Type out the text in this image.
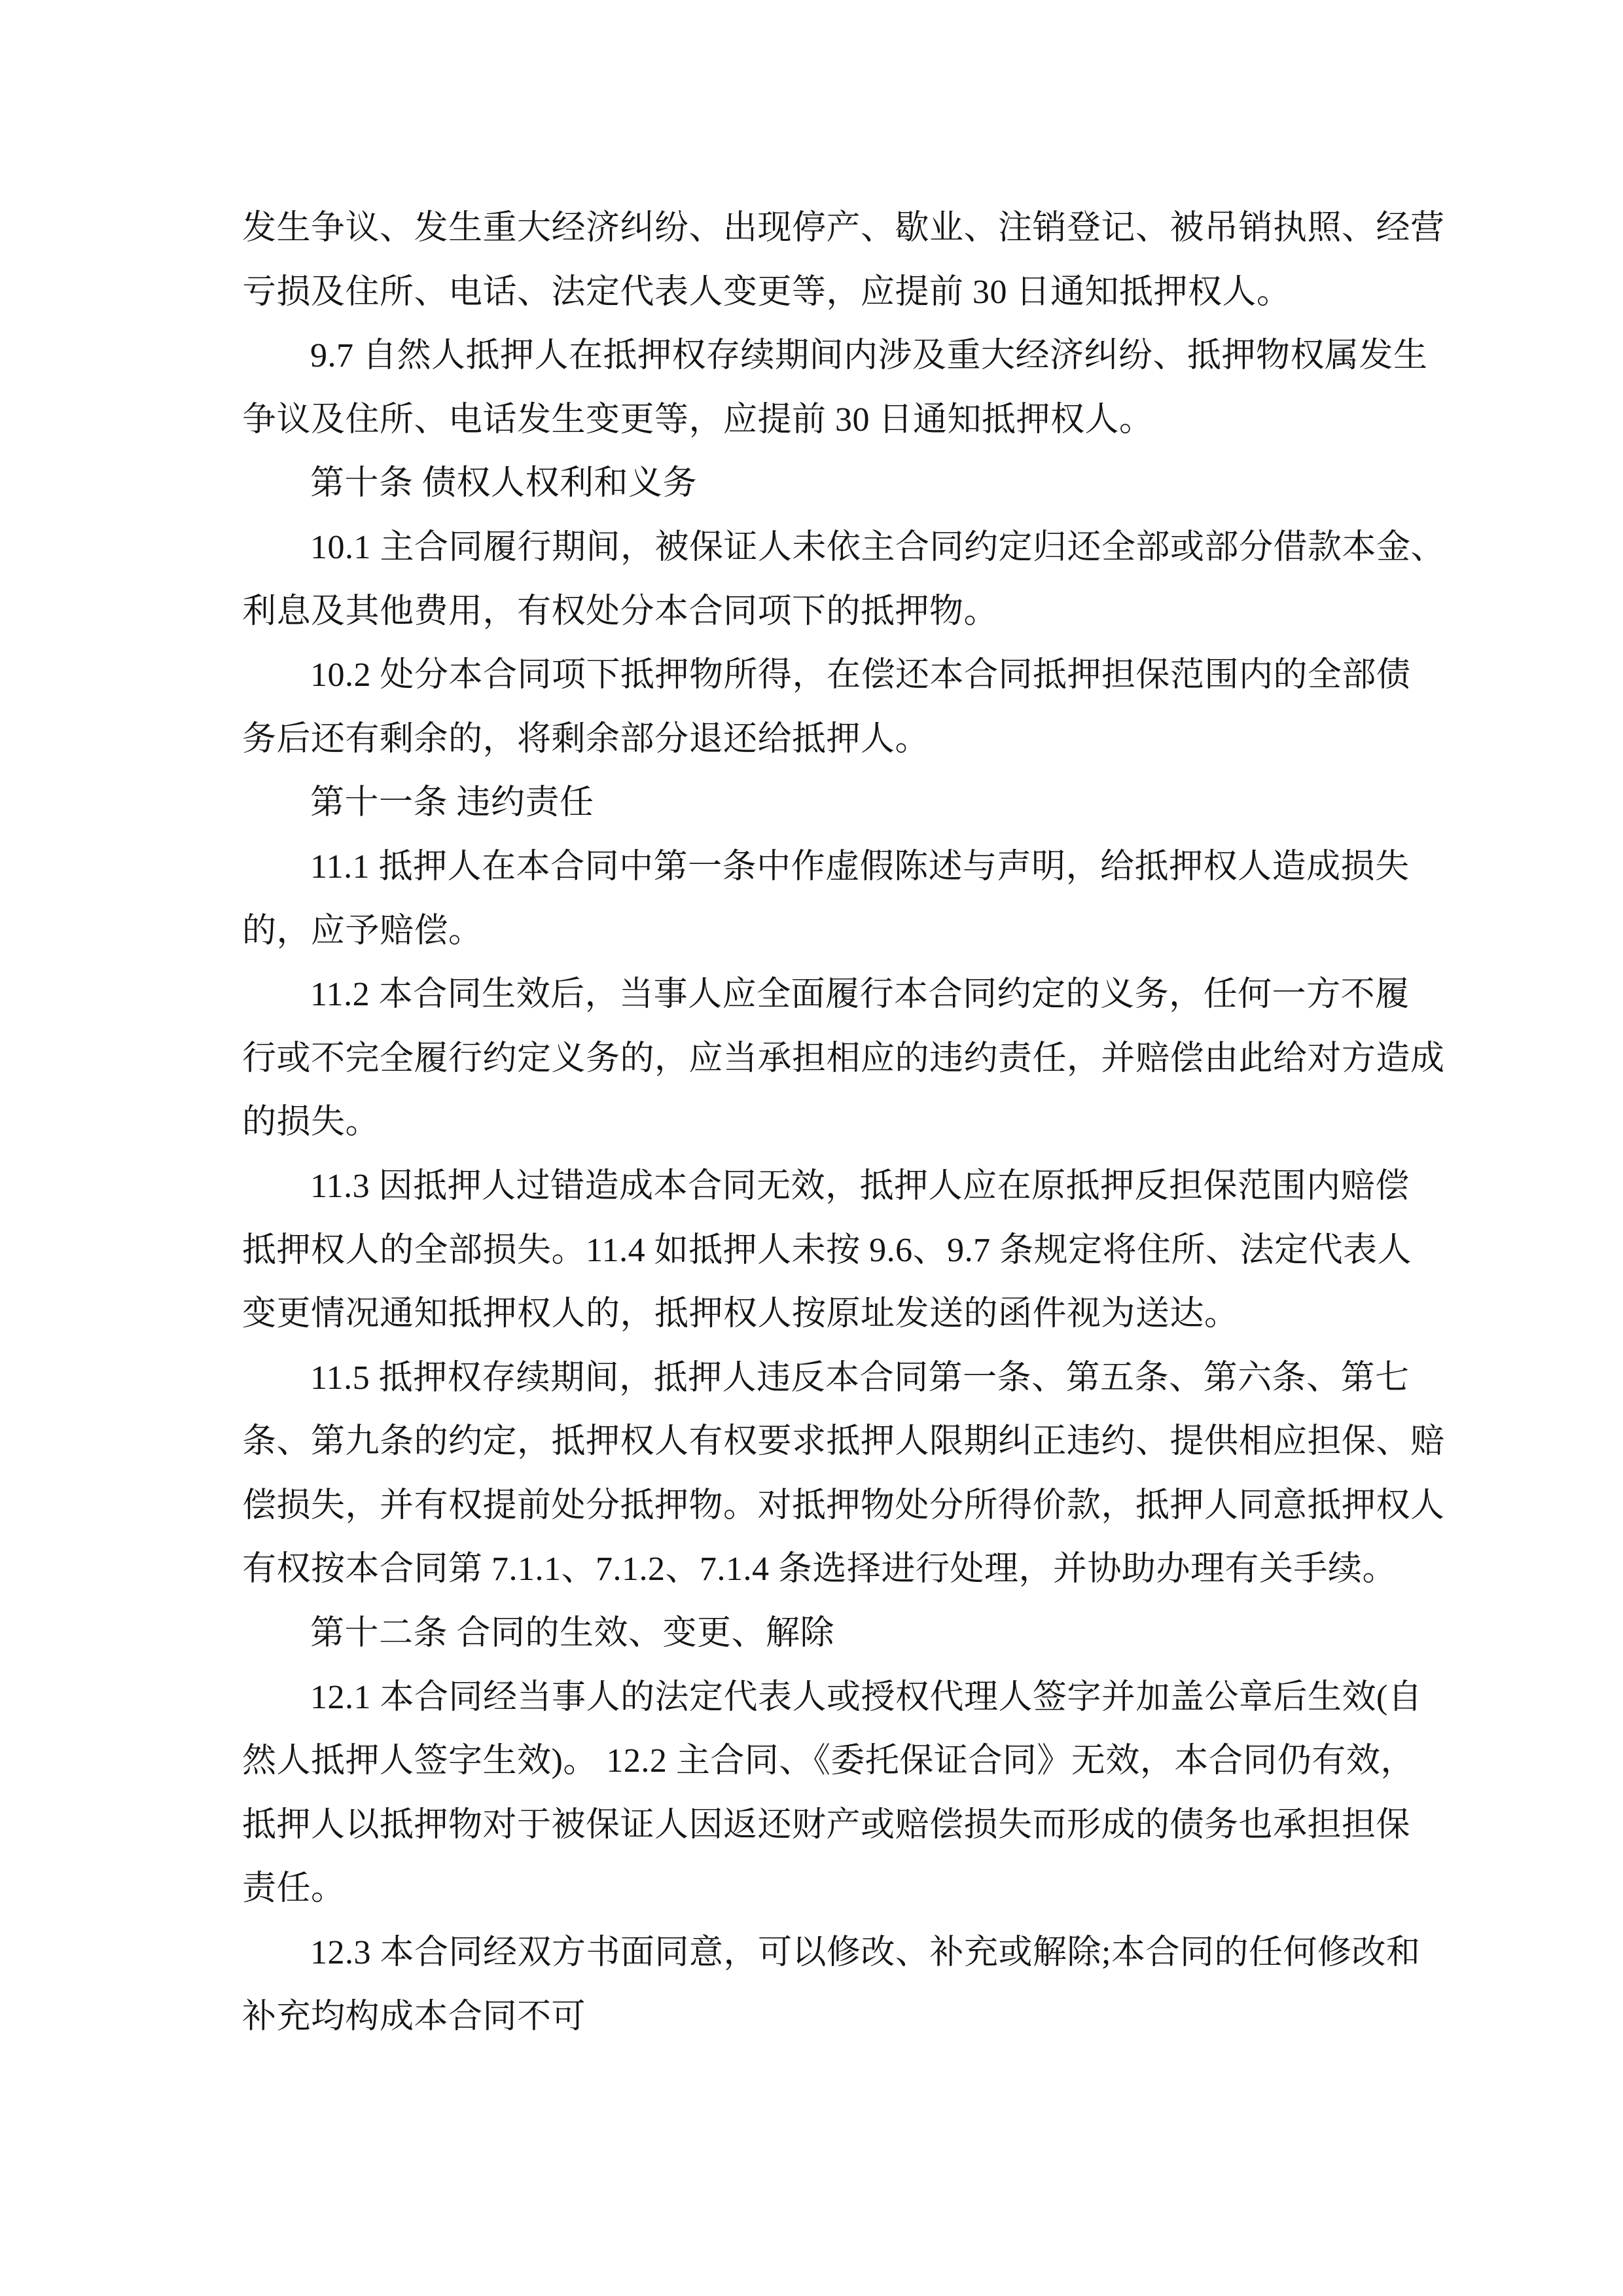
发生争议、发生重大经济纠纷、出现停产、歇业、注销登记、被吊销执照、经营
亏损及住所、电话、法定代表人变更等，应提前 30 日通知抵押权人。
9.7 自然人抵押人在抵押权存续期间内涉及重大经济纠纷、抵押物权属发生
争议及住所、电话发生变更等，应提前 30 日通知抵押权人。
第十条 债权人权利和义务
10.1 主合同履行期间，被保证人未依主合同约定归还全部或部分借款本金、
利息及其他费用，有权处分本合同项下的抵押物。
10.2 处分本合同项下抵押物所得，在偿还本合同抵押担保范围内的全部债
务后还有剩余的，将剩余部分退还给抵押人。
第十一条 违约责任
11.1 抵押人在本合同中第一条中作虚假陈述与声明，给抵押权人造成损失
的，应予赔偿。
11.2 本合同生效后，当事人应全面履行本合同约定的义务，任何一方不履
行或不完全履行约定义务的，应当承担相应的违约责任，并赔偿由此给对方造成
的损失。
11.3 因抵押人过错造成本合同无效，抵押人应在原抵押反担保范围内赔偿
抵押权人的全部损失。11.4 如抵押人未按 9.6、9.7 条规定将住所、法定代表人
变更情况通知抵押权人的，抵押权人按原址发送的函件视为送达。
11.5 抵押权存续期间，抵押人违反本合同第一条、第五条、第六条、第七
条、第九条的约定，抵押权人有权要求抵押人限期纠正违约、提供相应担保、赔
偿损失，并有权提前处分抵押物。对抵押物处分所得价款，抵押人同意抵押权人
有权按本合同第 7.1.1、7.1.2、7.1.4 条选择进行处理，并协助办理有关手续。
第十二条 合同的生效、变更、解除
12.1 本合同经当事人的法定代表人或授权代理人签字并加盖公章后生效(自
然人抵押人签字生效)。 12.2 主合同、《委托保证合同》无效，本合同仍有效，
抵押人以抵押物对于被保证人因返还财产或赔偿损失而形成的债务也承担担保
责任。
12.3 本合同经双方书面同意，可以修改、补充或解除;本合同的任何修改和
补充均构成本合同不可
